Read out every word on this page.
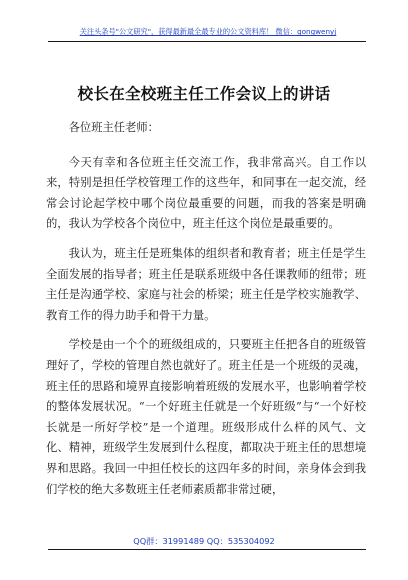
关注头条号"公文研究"，获得最新最全最专业的公文资料库！ 微信：gongwenyj
校长在全校班主任工作会议上的讲话

各位班主任老师：

今天有幸和各位班主任交流工作，我非常高兴。自工作以来，特别是担任学校管理工作的这些年，和同事在一起交流，经常会讨论起学校中哪个岗位最重要的问题，而我的答案是明确的，我认为学校各个岗位中，班主任这个岗位是最重要的。

我认为，班主任是班集体的组织者和教育者；班主任是学生全面发展的指导者；班主任是联系班级中各任课教师的纽带；班主任是沟通学校、家庭与社会的桥梁；班主任是学校实施教学、教育工作的得力助手和骨干力量。

学校是由一个个的班级组成的，只要班主任把各自的班级管理好了，学校的管理自然也就好了。班主任是一个班级的灵魂，班主任的思路和境界直接影响着班级的发展水平，也影响着学校的整体发展状况。“一个好班主任就是一个好班级”与“一个好校长就是一所好学校”是一个道理。班级形成什么样的风气、文化、精神，班级学生发展到什么程度，都取决于班主任的思想境界和思路。我回一中担任校长的这四年多的时间，亲身体会到我们学校的绝大多数班主任老师素质都非常过硬，

QQ群：31991489 QQ：535304092
